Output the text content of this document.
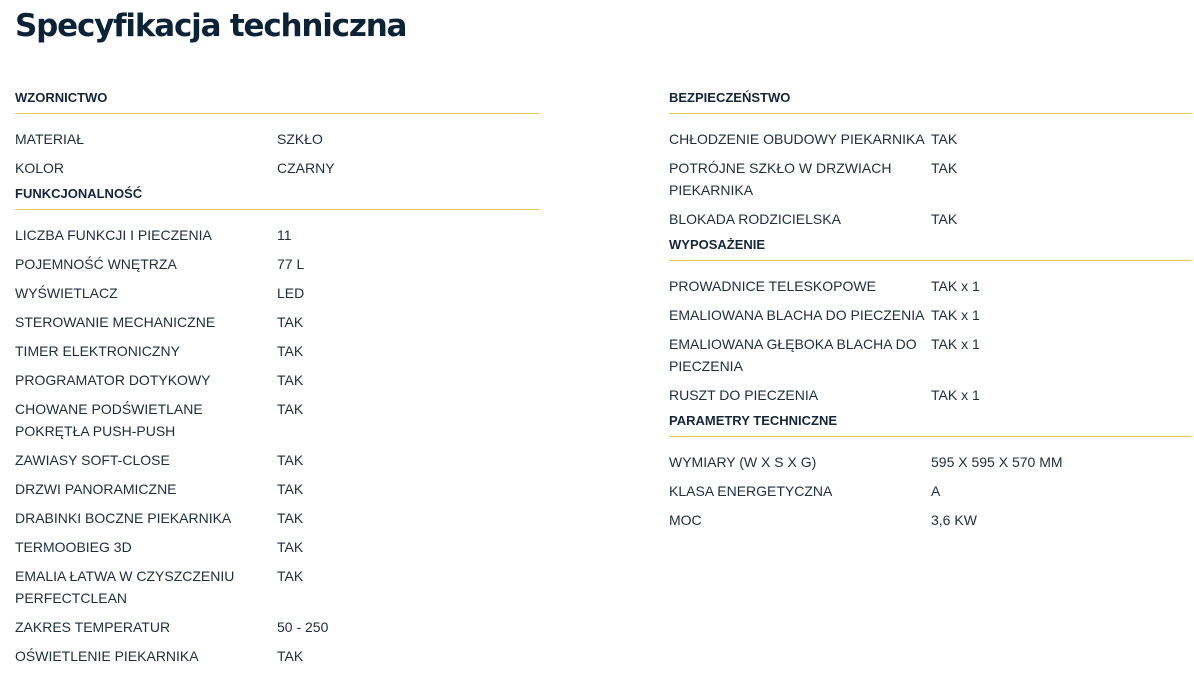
Specyfikacja techniczna
WZORNICTWO
MATERIAŁ	SZKŁO
KOLOR	CZARNY
FUNKCJONALNOŚĆ
LICZBA FUNKCJI I PIECZENIA	11
POJEMNOŚĆ WNĘTRZA	77 L
WYŚWIETLACZ	LED
STEROWANIE MECHANICZNE	TAK
TIMER ELEKTRONICZNY	TAK
PROGRAMATOR DOTYKOWY	TAK
CHOWANE PODŚWIETLANE POKRĘTŁA PUSH-PUSH
TAK
ZAWIASY SOFT-CLOSE	TAK
DRZWI PANORAMICZNE	TAK
DRABINKI BOCZNE PIEKARNIKA	TAK
TERMOOBIEG 3D	TAK
EMALIA ŁATWA W CZYSZCZENIU PERFECTCLEAN
TAK
ZAKRES TEMPERATUR	50 - 250
OŚWIETLENIE PIEKARNIKA	TAK
BEZPIECZEŃSTWO
CHŁODZENIE OBUDOWY PIEKARNIKA TAK
POTRÓJNE SZKŁO W DRZWIACH PIEKARNIKA
TAK
BLOKADA RODZICIELSKA	TAK
WYPOSAŻENIE
PROWADNICE TELESKOPOWE	TAK x 1
EMALIOWANA BLACHA DO PIECZENIA TAK x 1
EMALIOWANA GŁĘBOKA BLACHA DO PIECZENIA
TAK x 1
RUSZT DO PIECZENIA	TAK x 1
PARAMETRY TECHNICZNE
WYMIARY (W X S X G)	595 X 595 X 570 MM
KLASA ENERGETYCZNA	A
MOC	3,6 KW
